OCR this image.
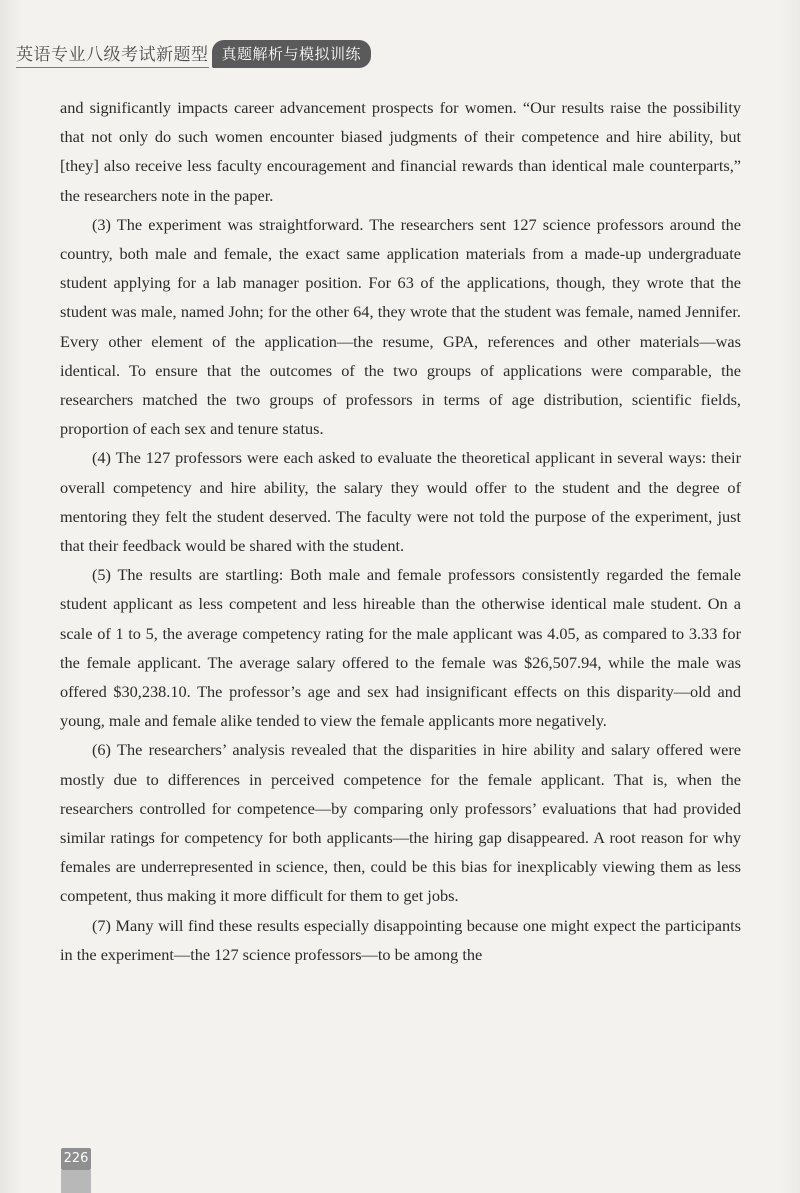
英语专业八级考试新题型 真题解析与模拟训练

and significantly impacts career advancement prospects for women. “Our results raise the possibility that not only do such women encounter biased judgments of their competence and hire ability, but [they] also receive less faculty encouragement and financial rewards than identical male counterparts,” the researchers note in the paper.

(3) The experiment was straightforward. The researchers sent 127 science professors around the country, both male and female, the exact same application materials from a made-up undergraduate student applying for a lab manager position. For 63 of the applications, though, they wrote that the student was male, named John; for the other 64, they wrote that the student was female, named Jennifer. Every other element of the application—the resume, GPA, references and other materials—was identical. To ensure that the outcomes of the two groups of applications were comparable, the researchers matched the two groups of professors in terms of age distribution, scientific fields, proportion of each sex and tenure status.

(4) The 127 professors were each asked to evaluate the theoretical applicant in several ways: their overall competency and hire ability, the salary they would offer to the student and the degree of mentoring they felt the student deserved. The faculty were not told the purpose of the experiment, just that their feedback would be shared with the student.

(5) The results are startling: Both male and female professors consistently regarded the female student applicant as less competent and less hireable than the otherwise identical male student. On a scale of 1 to 5, the average competency rating for the male applicant was 4.05, as compared to 3.33 for the female applicant. The average salary offered to the female was $26,507.94, while the male was offered $30,238.10. The professor’s age and sex had insignificant effects on this disparity—old and young, male and female alike tended to view the female applicants more negatively.

(6) The researchers’ analysis revealed that the disparities in hire ability and salary offered were mostly due to differences in perceived competence for the female applicant. That is, when the researchers controlled for competence—by comparing only professors’ evaluations that had provided similar ratings for competency for both applicants—the hiring gap disappeared. A root reason for why females are underrepresented in science, then, could be this bias for inexplicably viewing them as less competent, thus making it more difficult for them to get jobs.

(7) Many will find these results especially disappointing because one might expect the participants in the experiment—the 127 science professors—to be among the

226
